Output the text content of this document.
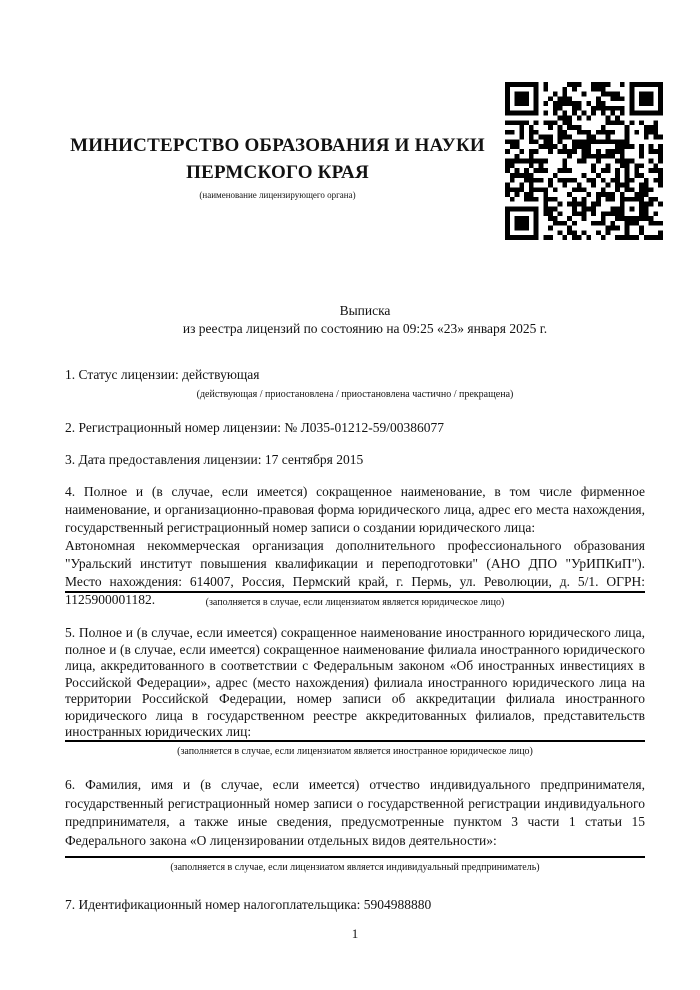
МИНИСТЕРСТВО ОБРАЗОВАНИЯ И НАУКИ
ПЕРМСКОГО КРАЯ
(наименование лицензирующего органа)
Выписка
из реестра лицензий по состоянию на 09:25 «23» января 2025 г.
1. Статус лицензии: действующая
(действующая / приостановлена / приостановлена частично / прекращена)
2. Регистрационный номер лицензии: № Л035-01212-59/00386077
3. Дата предоставления лицензии: 17 сентября 2015

4. Полное и (в случае, если имеется) сокращенное наименование, в том числе фирменное наименование, и организационно-правовая форма юридического лица, адрес его места нахождения, государственный регистрационный номер записи о создании юридического лица:

Автономная некоммерческая организация дополнительного профессионального образования "Уральский институт повышения квалификации и переподготовки" (АНО ДПО "УрИПКиП"). Место нахождения: 614007, Россия, Пермский край, г. Пермь, ул. Революции, д. 5/1. ОГРН: 1125900001182.	(заполняется в случае, если лицензиатом является юридическое лицо)

5. Полное и (в случае, если имеется) сокращенное наименование иностранного юридического лица, полное и (в случае, если имеется) сокращенное наименование филиала иностранного юридического лица, аккредитованного в соответствии с Федеральным законом «Об иностранных инвестициях в Российской Федерации», адрес (место нахождения) филиала иностранного юридического лица на территории Российской Федерации, номер записи об аккредитации филиала иностранного юридического лица в государственном реестре аккредитованных филиалов, представительств иностранных юридических лиц:

(заполняется в случае, если лицензиатом является иностранное юридическое лицо)

6. Фамилия, имя и (в случае, если имеется) отчество индивидуального предпринимателя, государственный регистрационный номер записи о государственной регистрации индивидуального предпринимателя, а также иные сведения, предусмотренные пунктом 3 части 1 статьи 15 Федерального закона «О лицензировании отдельных видов деятельности»:

(заполняется в случае, если лицензиатом является индивидуальный предприниматель)
7. Идентификационный номер налогоплательщика: 5904988880
1
